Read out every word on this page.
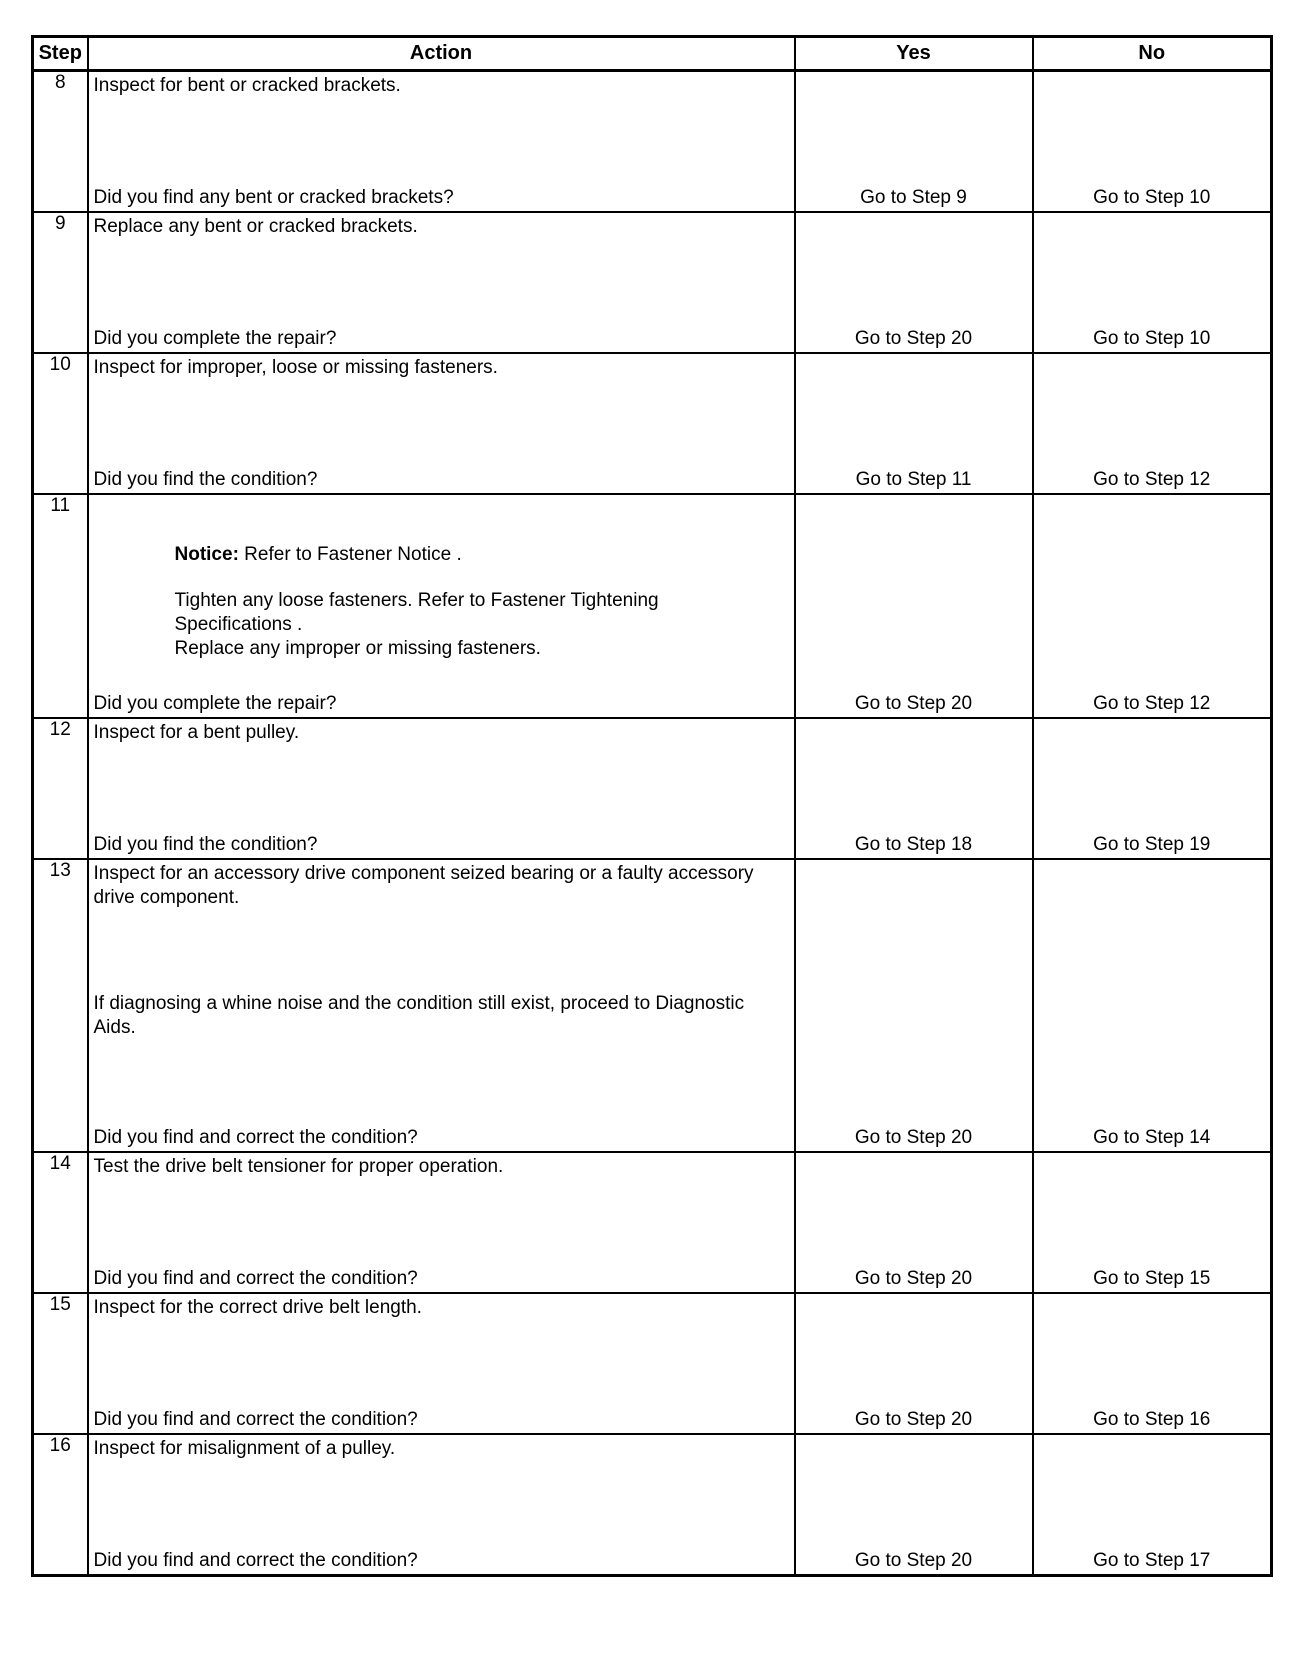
Step	Action	Yes	No
8	Inspect for bent or cracked brackets.
Did you find any bent or cracked brackets?	Go to Step 9	Go to Step 10

9	Replace any bent or cracked brackets.
Did you complete the repair?	Go to Step 20	Go to Step 10

10	Inspect for improper, loose or missing fasteners.
Did you find the condition?	Go to Step 11	Go to Step 12

11	Notice: Refer to Fastener Notice .

Tighten any loose fasteners. Refer to Fastener Tightening Specifications .

Replace any improper or missing fasteners.

Did you complete the repair?	Go to Step 20	Go to Step 12

12	Inspect for a bent pulley.
Did you find the condition?	Go to Step 18	Go to Step 19

13	Inspect for an accessory drive component seized bearing or a faulty accessory drive component.
If diagnosing a whine noise and the condition still exist, proceed to Diagnostic Aids.
Did you find and correct the condition?	Go to Step 20	Go to Step 14

14	Test the drive belt tensioner for proper operation.
Did you find and correct the condition?	Go to Step 20	Go to Step 15

15	Inspect for the correct drive belt length.
Did you find and correct the condition?	Go to Step 20	Go to Step 16

16	Inspect for misalignment of a pulley.
Did you find and correct the condition?	Go to Step 20	Go to Step 17
